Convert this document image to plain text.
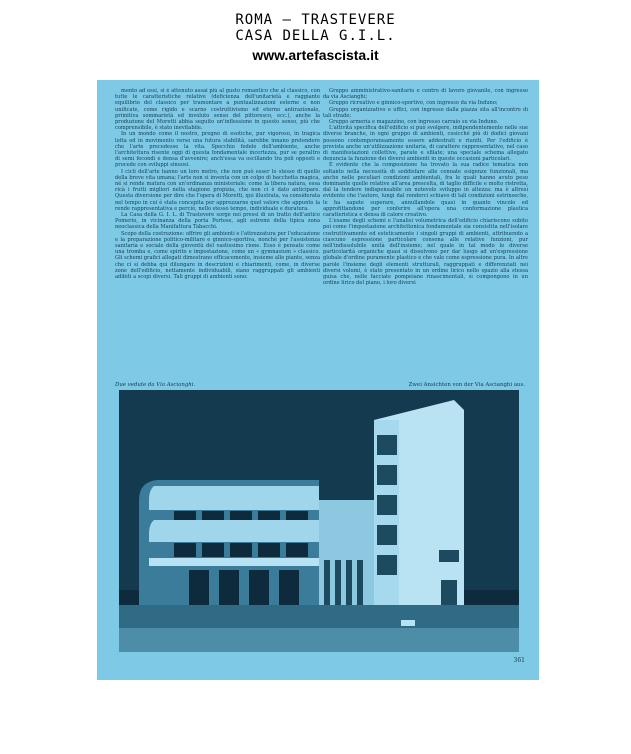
ROMA – TRASTEVERE
CASA DELLA G.I.L.
www.artefascista.it

mento ad essi, si è attenuto assai più al gusto romantico che al classico, con tutte le caratteristiche relative (deficienza dell'unitarietà e raggiante equilibrio del classico per tramontare a puntualizzazioni esterne e non unificate, come rigido e scarno costruttivismo ed eterno antirazionale, primitiva sommarietà ed involuto senso del pittoresco, ecc.), anche la produzione del Moretti abbia seguito un'inflessione in questo senso, più che comprensibile, è stato inevitabile.

In un mondo come il nostro, pregno di esotiche, pur vigoroso, in tragica lotta ed in movimento verso una futura stabilità, sarebbe innano pretendere che l'arte precedesse la vita. Specchio fedele dell'ambiente, anche l'architettura risente oggi di questa fondamentale incertezza, pur se peraltro di semi fecondi e densa d'avvenire; anch'essa va oscillando tra poli opposti e procede con sviluppi sinuosi.

I cicli dell'arte hanno un loro metro, che non può esser lo stesso di quello della breve vita umana; l'arte non si inventa con un colpo di bacchetta magica, né si rende matura con un'ordinanza ministeriale: come la libera natura, essa ricà i frutti migliori nella stagione propizia, che non ci è dato anticipare. Questa diversione per dire che l'opera di Moretti, qui illustrata, va considerata nel tempo in cui è stata concepita per apprezzarne quel valore che appunto la rende rappresentativa e perciò, nello stesso tempo, individuale e duratura.

La Casa della G. I. L. di Trastevere sorge nei pressi di un tratto dell'antico Pomerio, in vicinanza della porta Portese, agli estremi della tipica zona neoclassica della Manifattura Tabacchi.

Scopo della costruzione: offrire gli ambienti e l'attrezzatura per l'educazione e la preparazione politico-militare e ginnico-sportiva, nonché per l'assistenza sanitaria e sociale della gioventù del vastissimo rione. Esso è pensato come una tromba e, come spirito e impostazione, come un « gymnasium » classico. Gli schemi grafici allegati dimostrano efficacemente, insieme alle piante, senza che ci si debba qui dilungare in descrizioni e chiarimenti, come, in diverse zone dell'edificio, nettamente individuabili, siano raggruppati gli ambienti adibiti a scopi diversi. Tali gruppi di ambienti sono:

Gruppo amministrativo-sanitario e centro di lavoro giovanile, con ingresso da via Ascianghi;

Gruppo ricreativo e ginnico-sportivo, con ingresso da via Induno;

Gruppo organizzativo e uffici, con ingresso dalla piazza sita all'incontro di tali strade;

Gruppo armeria e magazzino, con ingresso carraio su via Induno.

L'attività specifica dell'edificio si può svolgere, indipendentemente nelle sue diverse branche, in ogni gruppo di ambienti, cosicché più di dodici giovani possono contemporaneamente essere addestrati e riuniti. Per l'edificio è prevista anche un'utilizzazione unitaria, di carattere rappresentativo, nel caso di manifestazioni collettive, parate e sfilate; una speciale schema allegato denuncia la funzione dei diversi ambienti in queste occasioni particolari.

È evidente che la composizione ha trovato la sua radice tematica non soltanto nella necessità di soddisfare alle cennate esigenze funzionali, ma anche nelle peculiari condizioni ambientali, fra le quali hanno avuto peso dominante quelle relative all'area prescelta, di taglio difficile e molto ristretta, dal la tendere indispensabile un notevole sviluppo in altezza: ma è altresì evidente che l'autore, lungi dal renderci schiavo di tali condizioni estrinseche, le ha sapute superare, annullandole quasi in quanto vincolo ed approfittandone per conferire all'opera una conformazione plastica caratteristica e densa di calore creativo.

L'esame degli schemi e l'analisi volumetrica dell'edificio chiariscono subito poi come l'impostazione architettonica fondamentale sia consistita nell'isolare costruttivamente ed esteticamente i singoli gruppi di ambienti, attribuendo a ciascuno espressione particolare consona alle relative funzioni, pur nell'indissolubile unità dell'insieme; nel quale in tal modo le diverse particolarità organiche quasi si dissolvono per dar luogo ad un'espressione globale d'ordine puramente plastico e che vale come espressione pura. In altre parole l'insieme degli elementi strutturali, raggruppati e differenziati nei diversi volumi, è stato presentato in un ordine lirico nello spazio alla stessa guisa che, nelle facciate pompeiane rinascimentali, si compongono in un ordine lirico del piano, i loro diversi

Due vedute da Via Ascianghi.	Zwei Ansichten von der Via Ascianghi aus.
361
